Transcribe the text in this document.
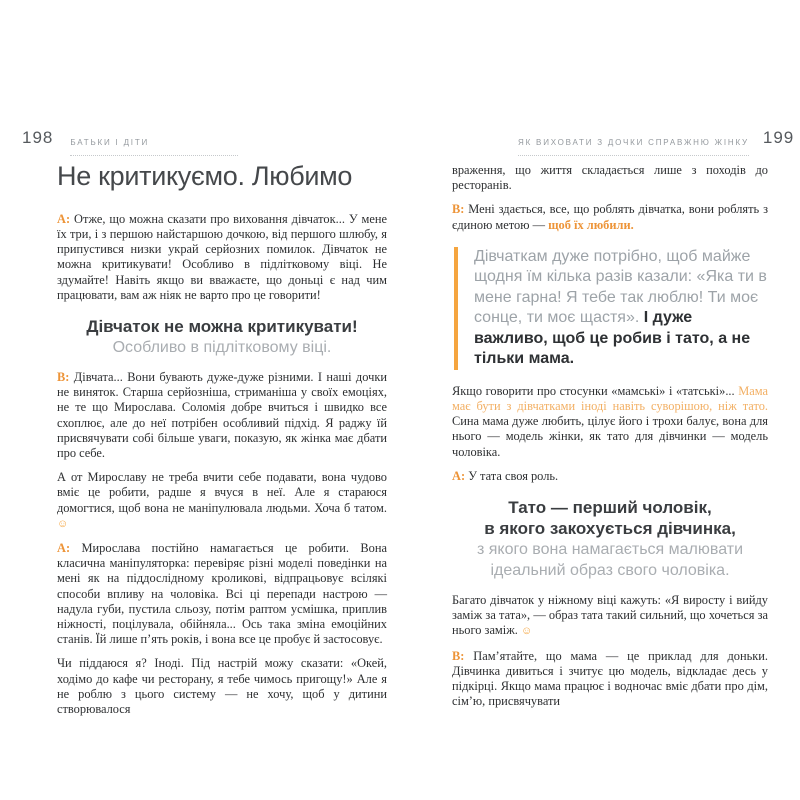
198 БАТЬКИ І ДІТИ	ЯК ВИХОВАТИ З ДОЧКИ СПРАВЖНЮ ЖІНКУ 199
Не критикуємо. Любимо

А: Отже, що можна сказати про виховання дівчаток... У мене їх три, і з першою найстаршою дочкою, від першого шлюбу, я припустився низки украй серйозних помилок. Дівчаток не можна критикувати! Особливо в підлітковому віці. Не здумайте! Навіть якщо ви вважаєте, що доньці є над чим працювати, вам аж ніяк не варто про це говорити!

Дівчаток не можна критикувати!
Особливо в підлітковому віці.

В: Дівчата... Вони бувають дуже-дуже різними. І наші дочки не виняток. Старша серйозніша, стриманіша у своїх емоціях, не те що Мирослава. Соломія добре вчиться і швидко все схоплює, але до неї потрібен особливий підхід. Я раджу їй присвячувати собі більше уваги, показую, як жінка має дбати про себе.

А от Мирославу не треба вчити себе подавати, вона чудово вміє це робити, радше я вчуся в неї. Але я стараюся домогтися, щоб вона не маніпулювала людьми. Хоча б татом. ☺

А: Мирослава постійно намагається це робити. Вона класична маніпуляторка: перевіряє різні моделі поведінки на мені як на піддослідному кроликові, відпрацьовує всілякі способи впливу на чоловіка. Всі ці перепади настрою — надула губи, пустила сльозу, потім раптом усмішка, приплив ніжності, поцілувала, обійняла... Ось така зміна емоційних станів. Їй лише п’ять років, і вона все це пробує й застосовує.

Чи піддаюся я? Іноді. Під настрій можу сказати: «Окей, ходімо до кафе чи ресторану, я тебе чимось пригощу!» Але я не роблю з цього систему — не хочу, щоб у дитини створювалося

враження, що життя складається лише з походів до ресторанів.

В: Мені здається, все, що роблять дівчатка, вони роблять з єдиною метою — щоб їх любили.

Дівчаткам дуже потрібно, щоб майже щодня їм кілька разів казали: «Яка ти в мене гарна! Я тебе так люблю! Ти моє сонце, ти моє щастя». І дуже важливо, щоб це робив і тато, а не тільки мама.

Якщо говорити про стосунки «мамські» і «татські»... Мама має бути з дівчатками іноді навіть суворішою, ніж тато. Сина мама дуже любить, цілує його і трохи балує, вона для нього — модель жінки, як тато для дівчинки — модель чоловіка.

А: У тата своя роль.

Тато — перший чоловік,
в якого закохується дівчинка,
з якого вона намагається малювати
ідеальний образ свого чоловіка.

Багато дівчаток у ніжному віці кажуть: «Я виросту і вийду заміж за тата», — образ тата такий сильний, що хочеться за нього заміж. ☺

В: Пам’ятайте, що мама — це приклад для доньки. Дівчинка дивиться і зчитує цю модель, відкладає десь у підкірці. Якщо мама працює і водночас вміє дбати про дім, сім’ю, присвячувати
